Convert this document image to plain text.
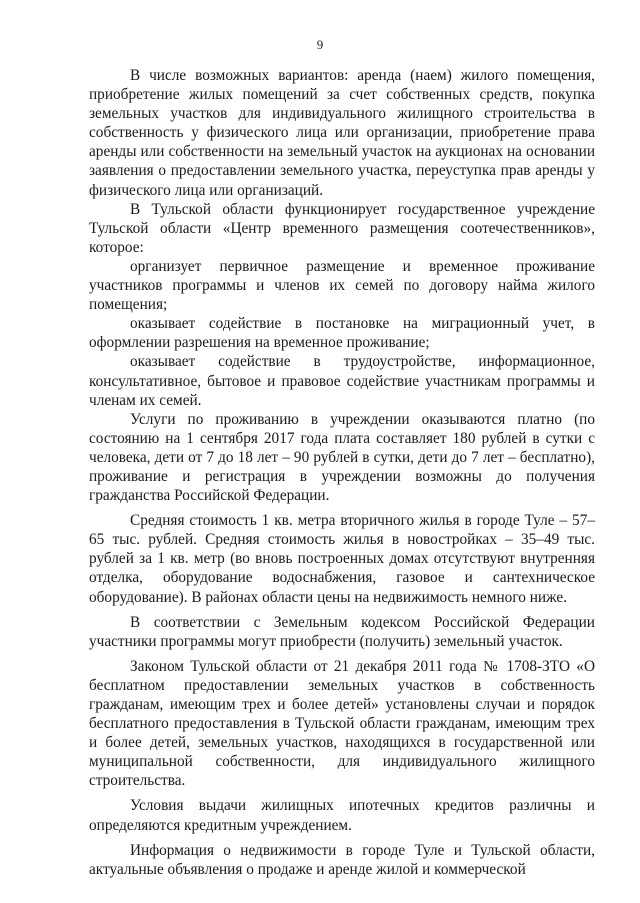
9

В числе возможных вариантов: аренда (наем) жилого помещения, приобретение жилых помещений за счет собственных средств, покупка земельных участков для индивидуального жилищного строительства в собственность у физического лица или организации, приобретение права аренды или собственности на земельный участок на аукционах на основании заявления о предоставлении земельного участка, переуступка прав аренды у физического лица или организаций.

В Тульской области функционирует государственное учреждение Тульской области «Центр временного размещения соотечественников», которое:

организует первичное размещение и временное проживание участников программы и членов их семей по договору найма жилого помещения;

оказывает содействие в постановке на миграционный учет, в оформлении разрешения на временное проживание;

оказывает содействие в трудоустройстве, информационное, консультативное, бытовое и правовое содействие участникам программы и членам их семей.

Услуги по проживанию в учреждении оказываются платно (по состоянию на 1 сентября 2017 года плата составляет 180 рублей в сутки с человека, дети от 7 до 18 лет – 90 рублей в сутки, дети до 7 лет – бесплатно), проживание и регистрация в учреждении возможны до получения гражданства Российской Федерации.

Средняя стоимость 1 кв. метра вторичного жилья в городе Туле – 57–65 тыс. рублей. Средняя стоимость жилья в новостройках – 35–49 тыс. рублей за 1 кв. метр (во вновь построенных домах отсутствуют внутренняя отделка, оборудование водоснабжения, газовое и сантехническое оборудование). В районах области цены на недвижимость немного ниже.

В соответствии с Земельным кодексом Российской Федерации участники программы могут приобрести (получить) земельный участок.

Законом Тульской области от 21 декабря 2011 года № 1708-ЗТО «О бесплатном предоставлении земельных участков в собственность гражданам, имеющим трех и более детей» установлены случаи и порядок бесплатного предоставления в Тульской области гражданам, имеющим трех и более детей, земельных участков, находящихся в государственной или муниципальной собственности, для индивидуального жилищного строительства.

Условия выдачи жилищных ипотечных кредитов различны и определяются кредитным учреждением.

Информация о недвижимости в городе Туле и Тульской области, актуальные объявления о продаже и аренде жилой и коммерческой
